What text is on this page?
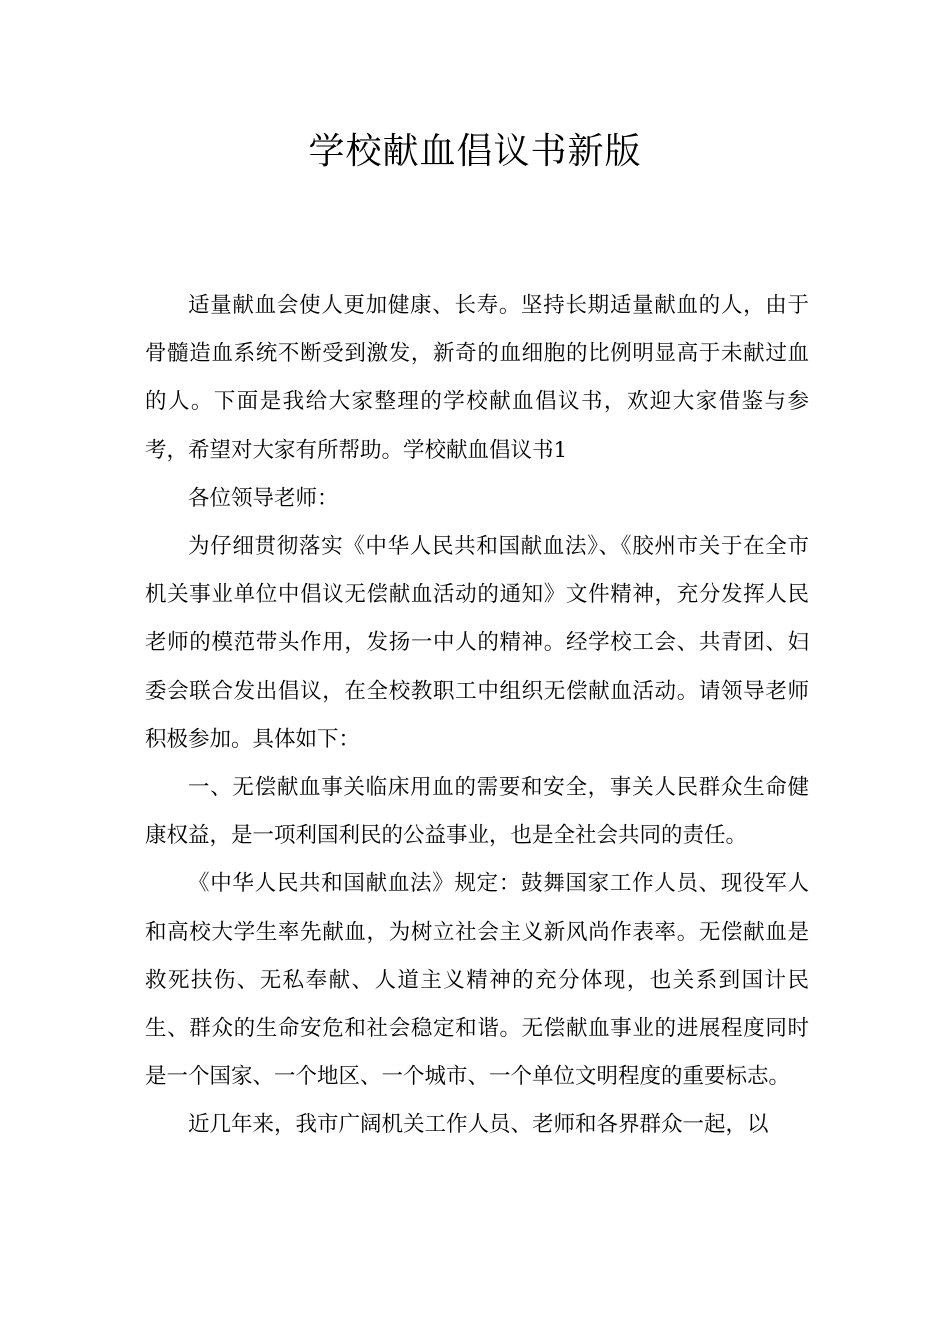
学校献血倡议书新版

适量献血会使人更加健康、长寿。坚持长期适量献血的人，由于骨髓造血系统不断受到激发，新奇的血细胞的比例明显高于未献过血的人。下面是我给大家整理的学校献血倡议书，欢迎大家借鉴与参考，希望对大家有所帮助。学校献血倡议书1

各位领导老师：

为仔细贯彻落实《中华人民共和国献血法》、《胶州市关于在全市机关事业单位中倡议无偿献血活动的通知》文件精神，充分发挥人民老师的模范带头作用，发扬一中人的精神。经学校工会、共青团、妇委会联合发出倡议，在全校教职工中组织无偿献血活动。请领导老师积极参加。具体如下：

一、无偿献血事关临床用血的需要和安全，事关人民群众生命健康权益，是一项利国利民的公益事业，也是全社会共同的责任。

《中华人民共和国献血法》规定：鼓舞国家工作人员、现役军人和高校大学生率先献血，为树立社会主义新风尚作表率。无偿献血是救死扶伤、无私奉献、人道主义精神的充分体现，也关系到国计民生、群众的生命安危和社会稳定和谐。无偿献血事业的进展程度同时是一个国家、一个地区、一个城市、一个单位文明程度的重要标志。

近几年来，我市广阔机关工作人员、老师和各界群众一起，以
